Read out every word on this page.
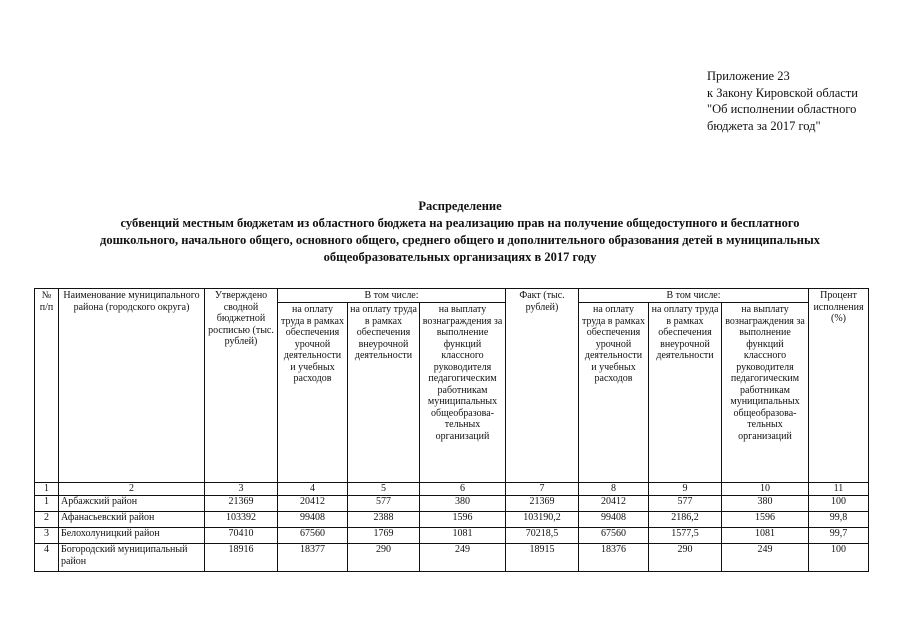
Приложение 23
к Закону Кировской области
"Об исполнении областного
бюджета за 2017 год"
Распределение
субвенций местным бюджетам из областного бюджета на реализацию прав на получение общедоступного и бесплатного
дошкольного, начального общего, основного общего, среднего общего и дополнительного образования детей в муниципальных
общеобразовательных организациях в 2017 году
№ п/п	Наименование муниципального района (городского округа)	Утверждено сводной бюджетной росписью (тыс. рублей)	В том числе:			Факт (тыс. рублей)	В том числе:			Процент исполнения (%)
			на оплату труда в рамках обеспечения урочной деятельности и учебных расходов	на оплату труда в рамках обеспечения внеурочной деятельности	на выплату вознаграждения за выполнение функций классного руководителя педагогическим работникам муниципальных общеобразова-тельных организаций		на оплату труда в рамках обеспечения урочной деятельности и учебных расходов	на оплату труда в рамках обеспечения внеурочной деятельности	на выплату вознаграждения за выполнение функций классного руководителя педагогическим работникам муниципальных общеобразова-тельных организаций	
1	2	3	4	5	6	7	8	9	10	11
1	Арбажский район	21369	20412	577	380	21369	20412	577	380	100
2	Афанасьевский район	103392	99408	2388	1596	103190,2	99408	2186,2	1596	99,8
3	Белохолуницкий район	70410	67560	1769	1081	70218,5	67560	1577,5	1081	99,7
4	Богородский муниципальный район	18916	18377	290	249	18915	18376	290	249	100
